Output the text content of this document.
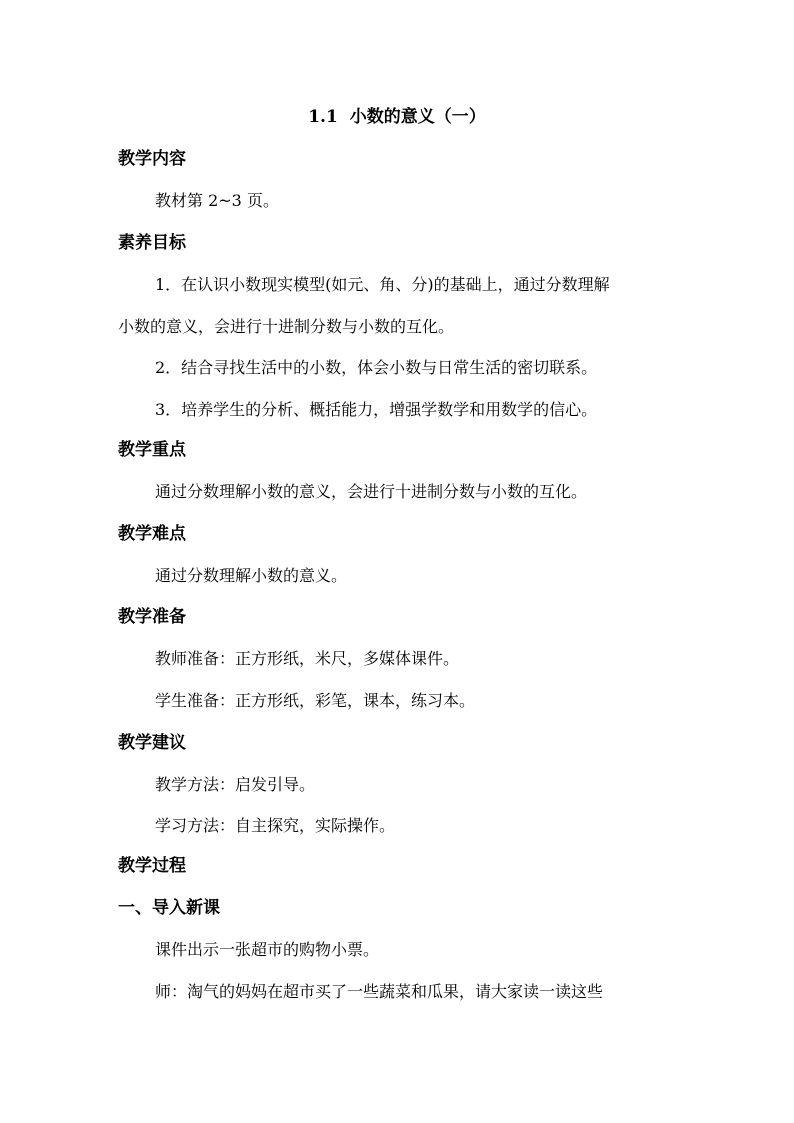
1.1 小数的意义（一）
教学内容
教材第 2~3 页。
素养目标
1．在认识小数现实模型(如元、角、分)的基础上，通过分数理解
小数的意义，会进行十进制分数与小数的互化。
2．结合寻找生活中的小数，体会小数与日常生活的密切联系。
3．培养学生的分析、概括能力，增强学数学和用数学的信心。
教学重点
通过分数理解小数的意义，会进行十进制分数与小数的互化。
教学难点
通过分数理解小数的意义。
教学准备
教师准备：正方形纸，米尺，多媒体课件。
学生准备：正方形纸，彩笔，课本，练习本。
教学建议
教学方法：启发引导。
学习方法：自主探究，实际操作。
教学过程
一、导入新课
课件出示一张超市的购物小票。
师：淘气的妈妈在超市买了一些蔬菜和瓜果，请大家读一读这些
